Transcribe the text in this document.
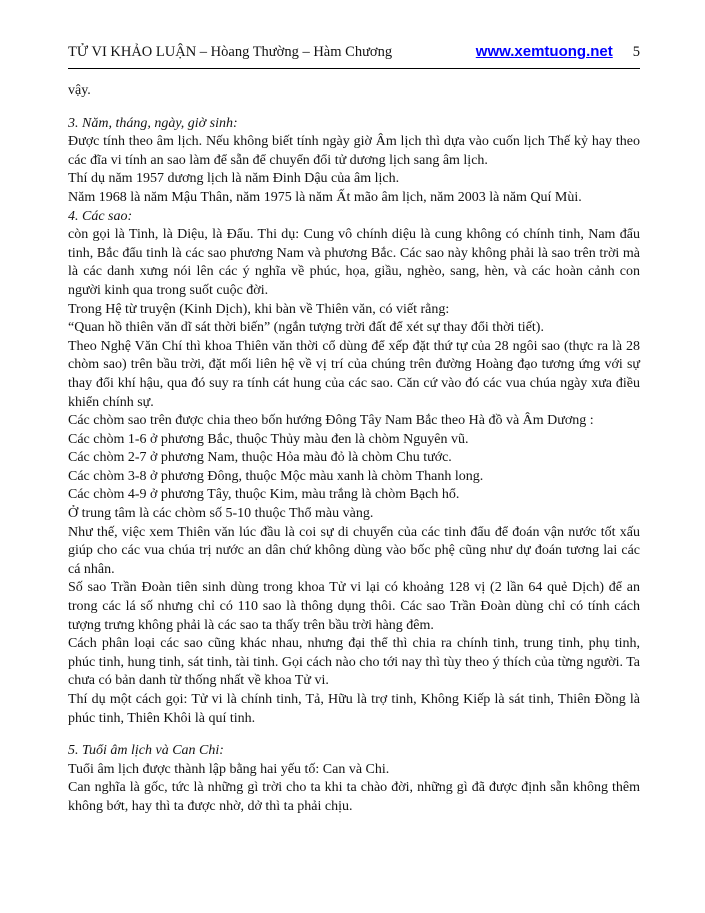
TỬ VI KHẢO LUẬN – Hòang Thường – Hàm Chương	www.xemtuong.net 5

vậy.

3. Năm, tháng, ngày, giờ sinh:

Được tính theo âm lịch. Nếu không biết tính ngày giờ Âm lịch thì dựa vào cuốn lịch Thế kỷ hay theo các đĩa vi tính an sao làm để sẵn để chuyển đổi tử dương lịch sang âm lịch.

Thí dụ năm 1957 dương lịch là năm Đinh Dậu của âm lịch.

Năm 1968 là năm Mậu Thân, năm 1975 là năm Ất mão âm lịch, năm 2003 là năm Quí Mùi.

4. Các sao:

còn gọi là Tinh, là Diệu, là Đẩu. Thi dụ: Cung vô chính diệu là cung không có chính tinh, Nam đẩu tinh, Bắc đẩu tinh là các sao phương Nam và phương Bắc. Các sao này không phải là sao trên trời mà là các danh xưng nói lên các ý nghĩa về phúc, họa, giầu, nghèo, sang, hèn, và các hoàn cảnh con người kinh qua trong suốt cuộc đời.

Trong Hệ từ truyện (Kinh Dịch), khi bàn về Thiên văn, có viết rằng:

“Quan hồ thiên văn dĩ sát thời biến” (ngắn tượng trời đất để xét sự thay đổi thời tiết).

Theo Nghệ Văn Chí thì khoa Thiên văn thời cổ dùng để xếp đặt thứ tự của 28 ngôi sao (thực ra là 28 chòm sao) trên bầu trời, đặt mối liên hệ về vị trí của chúng trên đường Hoàng đạo tương ứng với sự thay đổi khí hậu, qua đó suy ra tính cát hung của các sao. Căn cứ vào đó các vua chúa ngày xưa điều khiển chính sự.

Các chòm sao trên được chia theo bốn hướng Đông Tây Nam Bắc theo Hà đồ và Âm Dương :

Các chòm 1-6 ở phương Bắc, thuộc Thủy màu đen là chòm Nguyên vũ.

Các chòm 2-7 ở phương Nam, thuộc Hỏa màu đỏ là chòm Chu tước.

Các chòm 3-8 ở phương Đông, thuộc Mộc màu xanh là chòm Thanh long.

Các chòm 4-9 ở phương Tây, thuộc Kim, màu trắng là chòm Bạch hổ.

Ở trung tâm là các chòm số 5-10 thuộc Thổ màu vàng.

Như thế, việc xem Thiên văn lúc đầu là coi sự di chuyển của các tinh đẩu để đoán vận nước tốt xấu giúp cho các vua chúa trị nước an dân chứ không dùng vào bốc phệ cũng như dự đoán tương lai các cá nhân.

Số sao Trần Đoàn tiên sinh dùng trong khoa Tử vi lại có khoảng 128 vị (2 lần 64 quẻ Dịch) để an trong các lá số nhưng chỉ có 110 sao là thông dụng thôi. Các sao Trần Đoàn dùng chỉ có tính cách tượng trưng không phải là các sao ta thấy trên bầu trời hàng đêm.

Cách phân loại các sao cũng khác nhau, nhưng đại thể thì chia ra chính tinh, trung tinh, phụ tinh, phúc tinh, hung tinh, sát tinh, tài tinh. Gọi cách nào cho tới nay thì tùy theo ý thích của từng người. Ta chưa có bản danh từ thống nhất về khoa Tử vi.

Thí dụ một cách gọi: Tử vi là chính tinh, Tả, Hữu là trợ tinh, Không Kiếp là sát tinh, Thiên Đồng là phúc tinh, Thiên Khôi là quí tinh.

5. Tuổi âm lịch và Can Chi:

Tuổi âm lịch được thành lập bằng hai yếu tố: Can và Chi.

Can nghĩa là gốc, tức là những gì trời cho ta khi ta chào đời, những gì đã được định sẵn không thêm không bớt, hay thì ta được nhờ, dở thì ta phải chịu.
